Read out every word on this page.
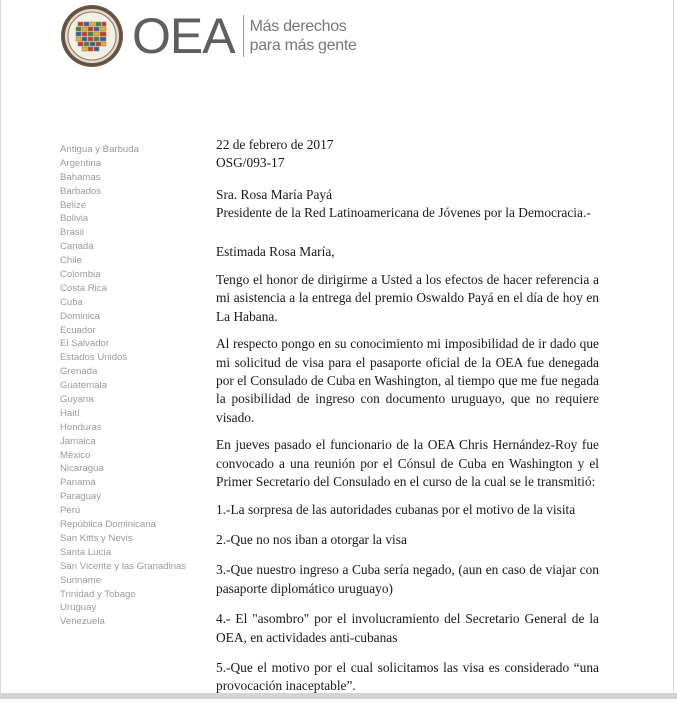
OEA Más derechos
para más gente
Antigua y Barbuda
Argentina
Bahamas
Barbados
Belize
Bolivia
Brasil
Canadá
Chile
Colombia
Costa Rica
Cuba
Dominica
Ecuador
El Salvador
Estados Unidos
Grenada
Guatemala
Guyana
Haití
Honduras
Jamaica
México
Nicaragua
Panamá
Paraguay
Perú
República Dominicana
San Kitts y Nevis
Santa Lucía
San Vicente y las Granadinas
Suriname
Trinidad y Tobago
Uruguay
Venezuela

22 de febrero de 2017

OSG/093-17

Sra. Rosa María Payá

Presidente de la Red Latinoamericana de Jóvenes por la Democracia.-

Estimada Rosa María,

Tengo el honor de dirigirme a Usted a los efectos de hacer referencia a mi asistencia a la entrega del premio Oswaldo Payá en el día de hoy en La Habana.

Al respecto pongo en su conocimiento mi imposibilidad de ir dado que mi solicitud de visa para el pasaporte oficial de la OEA fue denegada por el Consulado de Cuba en Washington, al tiempo que me fue negada la posibilidad de ingreso con documento uruguayo, que no requiere visado.

En jueves pasado el funcionario de la OEA Chris Hernández-Roy fue convocado a una reunión por el Cónsul de Cuba en Washington y el Primer Secretario del Consulado en el curso de la cual se le transmitió:

1.-La sorpresa de las autoridades cubanas por el motivo de la visita

2.-Que no nos iban a otorgar la visa

3.-Que nuestro ingreso a Cuba sería negado, (aun en caso de viajar con pasaporte diplomático uruguayo)

4.- El "asombro" por el involucramiento del Secretario General de la OEA, en actividades anti-cubanas

5.-Que el motivo por el cual solicitamos las visa es considerado “una provocación inaceptable”.
